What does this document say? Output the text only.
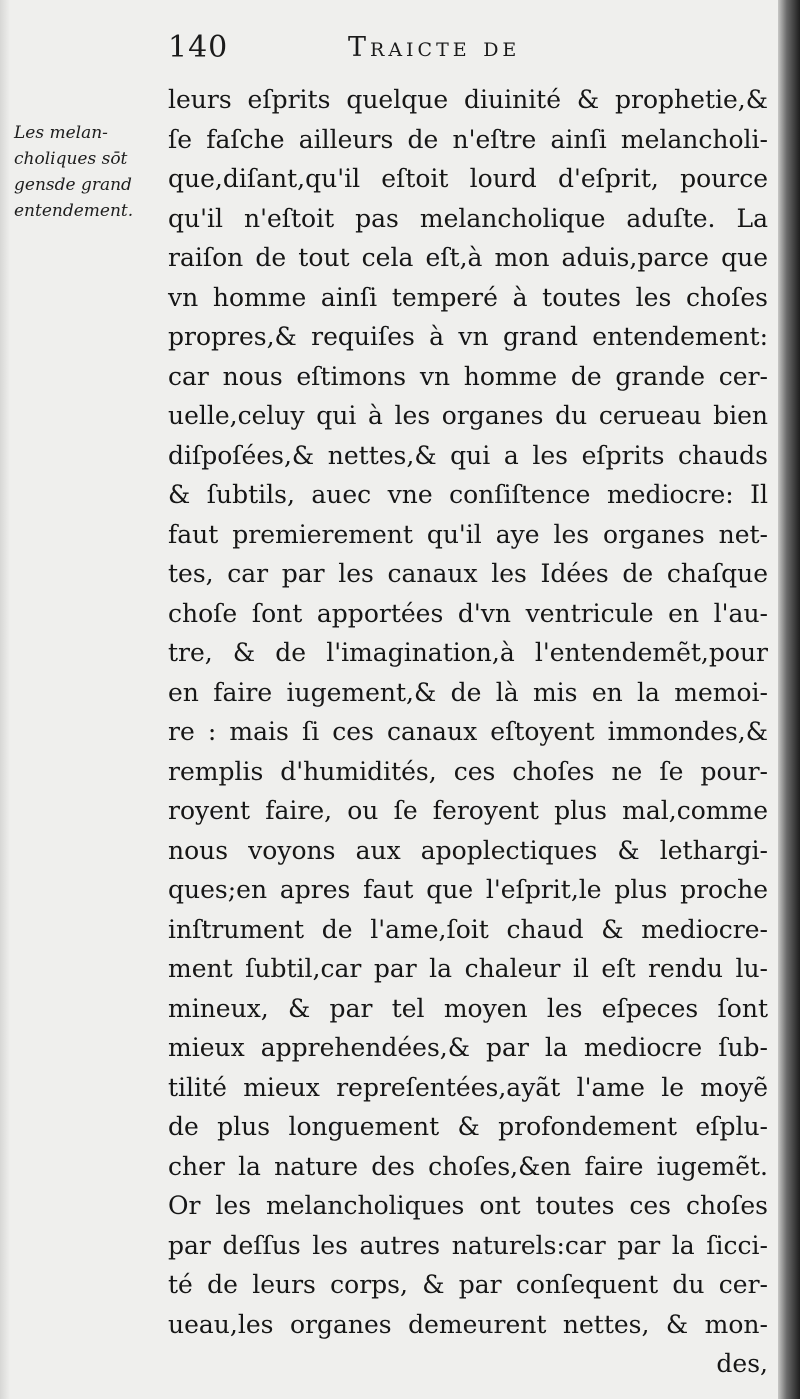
140	Traicte de
Les melan-
choliques sōt
gensde grand
entendement.
leurs eſprits quelque diuinité & prophetie,&
ſe faſche ailleurs de n'eſtre ainſi melancholi-
que,diſant,qu'il eſtoit lourd d'eſprit, pource
qu'il n'eſtoit pas melancholique aduſte. La
raiſon de tout cela eſt,à mon aduis,parce que
vn homme ainſi temperé à toutes les choſes
propres,& requiſes à vn grand entendement:
car nous eſtimons vn homme de grande cer-
uelle,celuy qui à les organes du cerueau bien
diſpoſées,& nettes,& qui a les eſprits chauds
& ſubtils, auec vne conſiſtence mediocre: Il
faut premierement qu'il aye les organes net-
tes, car par les canaux les Idées de chaſque
choſe ſont apportées d'vn ventricule en l'au-
tre, & de l'imagination,à l'entendemẽt,pour
en faire iugement,& de là mis en la memoi-
re : mais ſi ces canaux eſtoyent immondes,&
remplis d'humidités, ces choſes ne ſe pour-
royent faire, ou ſe feroyent plus mal,comme
nous voyons aux apoplectiques & lethargi-
ques;en apres faut que l'eſprit,le plus proche
inſtrument de l'ame,ſoit chaud & mediocre-
ment ſubtil,car par la chaleur il eſt rendu lu-
mineux, & par tel moyen les eſpeces ſont
mieux apprehendées,& par la mediocre ſub-
tilité mieux repreſentées,ayãt l'ame le moyẽ
de plus longuement & profondement eſplu-
cher la nature des choſes,&en faire iugemẽt.
Or les melancholiques ont toutes ces choſes
par deſſus les autres naturels:car par la ſicci-
té de leurs corps, & par conſequent du cer-
ueau,les organes demeurent nettes, & mon-
des,
